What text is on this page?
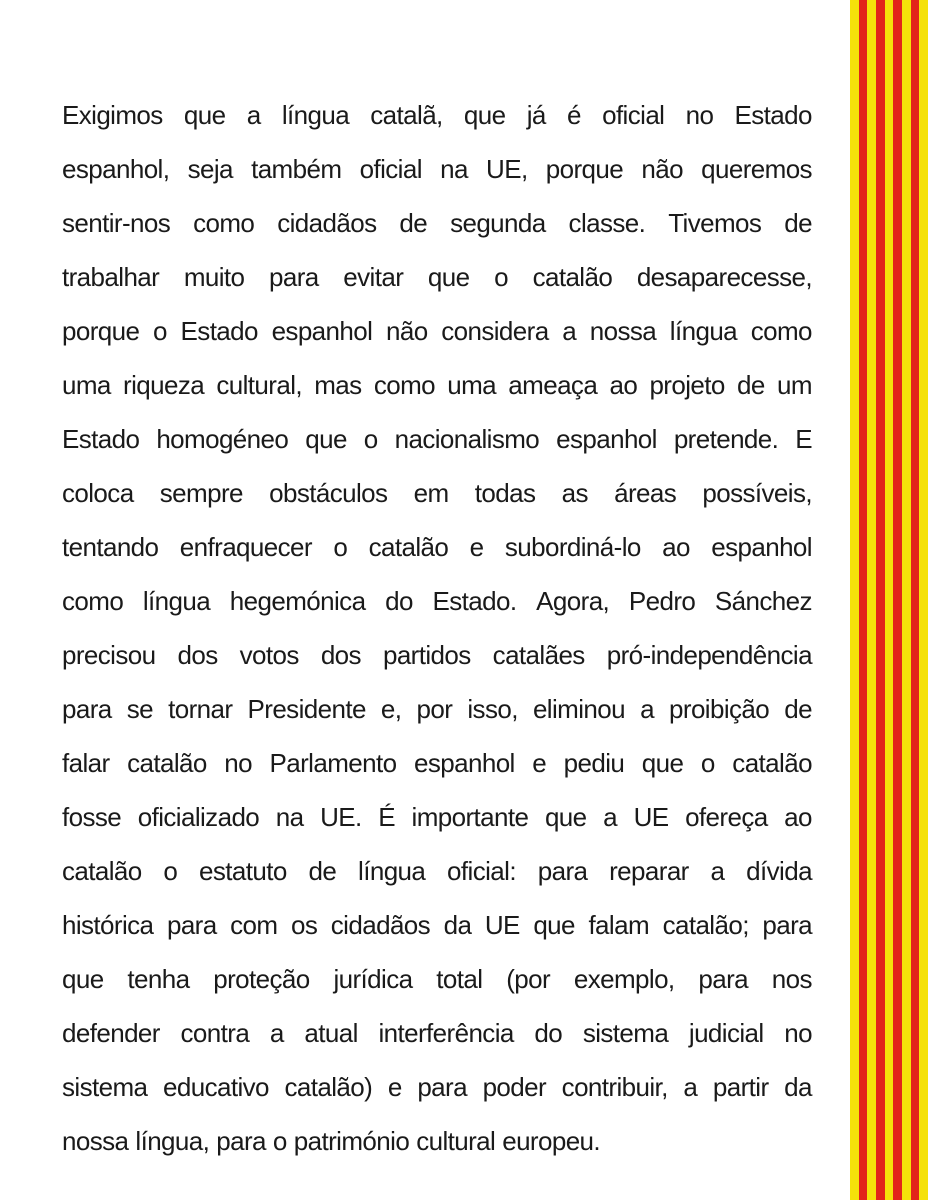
Exigimos que a língua catalã, que já é oficial no Estado
espanhol, seja também oficial na UE, porque não queremos
sentir-nos como cidadãos de segunda classe. Tivemos de
trabalhar muito para evitar que o catalão desaparecesse,
porque o Estado espanhol não considera a nossa língua como
uma riqueza cultural, mas como uma ameaça ao projeto de um
Estado homogéneo que o nacionalismo espanhol pretende. E
coloca sempre obstáculos em todas as áreas possíveis,
tentando enfraquecer o catalão e subordiná-lo ao espanhol
como língua hegemónica do Estado. Agora, Pedro Sánchez
precisou dos votos dos partidos catalães pró-independência
para se tornar Presidente e, por isso, eliminou a proibição de
falar catalão no Parlamento espanhol e pediu que o catalão
fosse oficializado na UE. É importante que a UE ofereça ao
catalão o estatuto de língua oficial: para reparar a dívida
histórica para com os cidadãos da UE que falam catalão; para
que tenha proteção jurídica total (por exemplo, para nos
defender contra a atual interferência do sistema judicial no
sistema educativo catalão) e para poder contribuir, a partir da
nossa língua, para o património cultural europeu.
